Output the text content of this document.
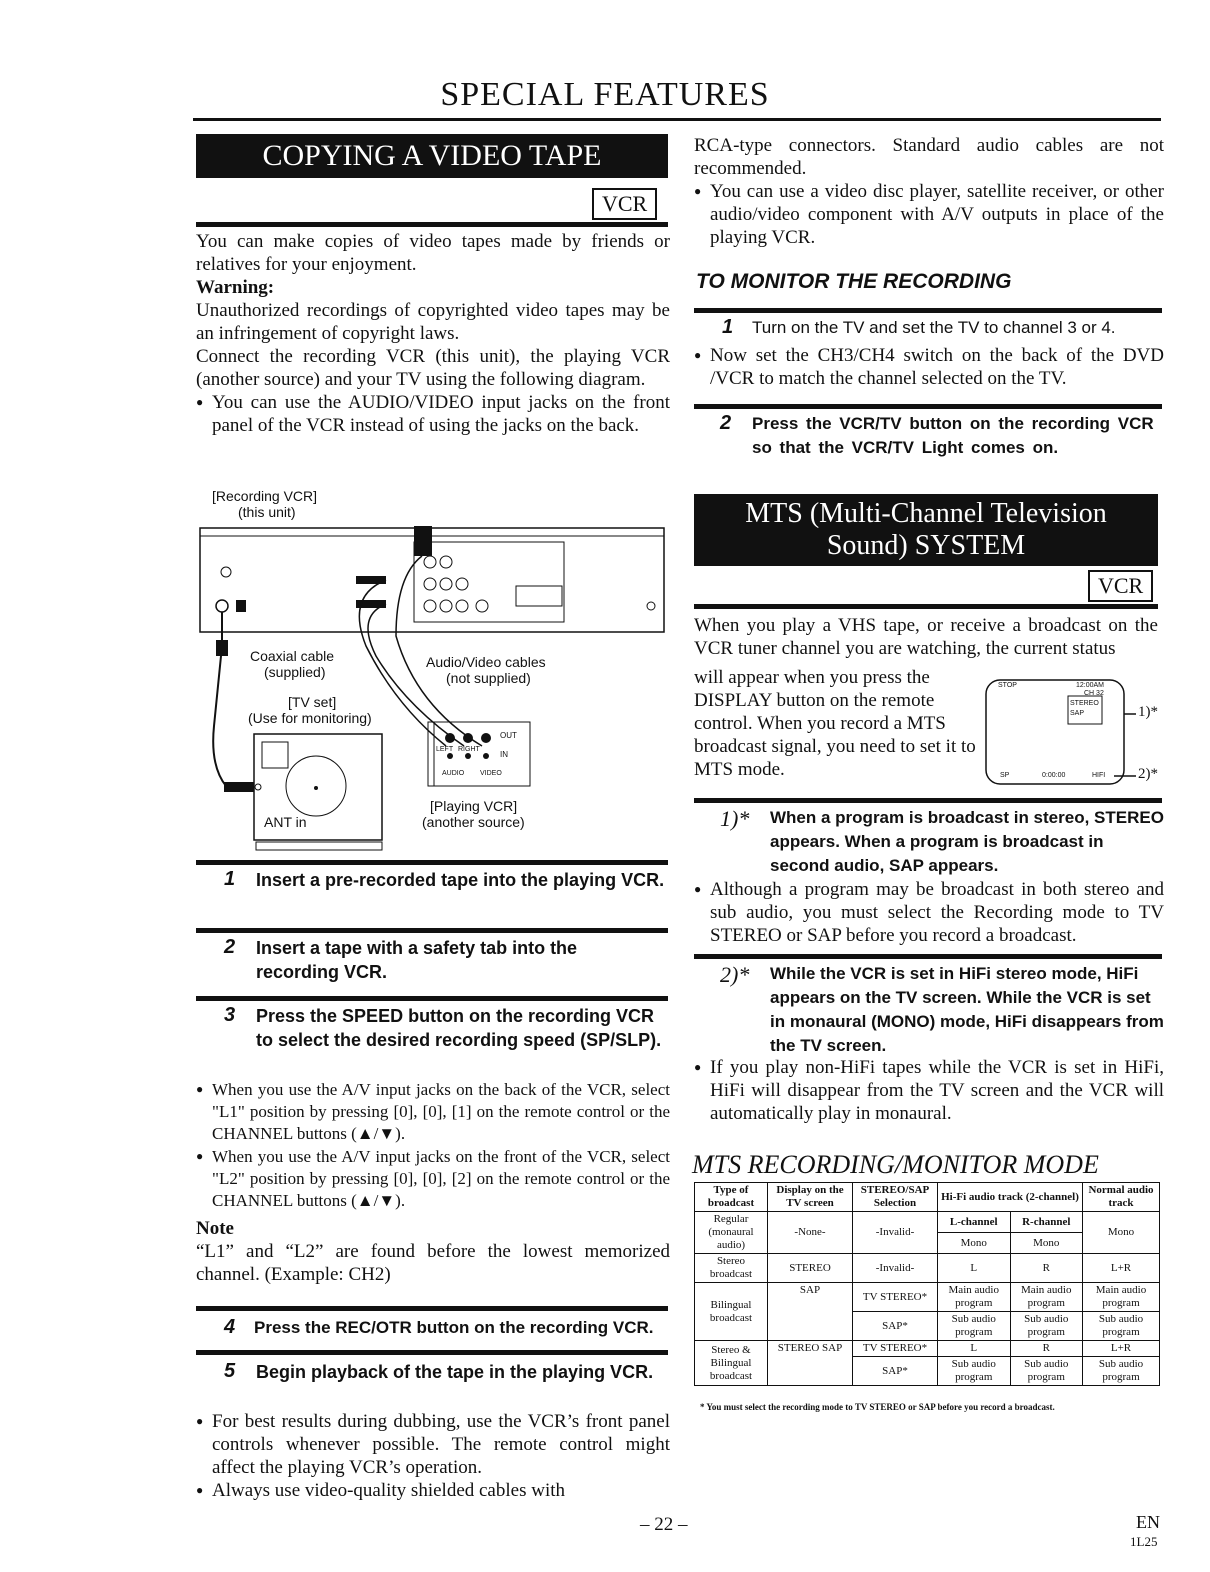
SPECIAL FEATURES
COPYING A VIDEO TAPE
VCR
You can make copies of video tapes made by friends or relatives for your enjoyment.
Warning:
Unauthorized recordings of copyrighted video tapes may be an infringement of copyright laws.
Connect the recording VCR (this unit), the playing VCR (another source) and your TV using the following diagram.
● You can use the AUDIO/VIDEO input jacks on the front panel of the VCR instead of using the jacks on the back.
[Recording VCR]
(this unit)
Coaxial cable
(supplied)
Audio/Video cables
(not supplied)
[TV set]
(Use for monitoring)
ANT in
[Playing VCR]
(another source)
OUT
IN
LEFT RIGHT
AUDIO VIDEO
1 Insert a pre-recorded tape into the playing VCR.
2 Insert a tape with a safety tab into the recording VCR.
3 Press the SPEED button on the recording VCR to select the desired recording speed (SP/SLP).
● When you use the A/V input jacks on the back of the VCR, select "L1" position by pressing [0], [0], [1] on the remote control or the CHANNEL buttons (▲/▼).
● When you use the A/V input jacks on the front of the VCR, select "L2" position by pressing [0], [0], [2] on the remote control or the CHANNEL buttons (▲/▼).
Note
“L1” and “L2” are found before the lowest memorized channel. (Example: CH2)
4 Press the REC/OTR button on the recording VCR.
5 Begin playback of the tape in the playing VCR.
● For best results during dubbing, use the VCR’s front panel controls whenever possible. The remote control might affect the playing VCR’s operation.
● Always use video-quality shielded cables with
RCA-type connectors. Standard audio cables are not recommended.
● You can use a video disc player, satellite receiver, or other audio/video component with A/V outputs in place of the playing VCR.
TO MONITOR THE RECORDING
1 Turn on the TV and set the TV to channel 3 or 4.
● Now set the CH3/CH4 switch on the back of the DVD /VCR to match the channel selected on the TV.
2 Press the VCR/TV button on the recording VCR so that the VCR/TV Light comes on.
MTS (Multi-Channel Television
Sound) SYSTEM
VCR
When you play a VHS tape, or receive a broadcast on the VCR tuner channel you are watching, the current status
will appear when you press the DISPLAY button on the remote control. When you record a MTS broadcast signal, you need to set it to MTS mode.
STOP	12:00AM
CH 32
STEREO
SAP
SP	0:00:00	HIFI
1)*
2)*
1)* When a program is broadcast in stereo, STEREO appears. When a program is broadcast in second audio, SAP appears.
● Although a program may be broadcast in both stereo and sub audio, you must select the Recording mode to TV STEREO or SAP before you record a broadcast.
2)* While the VCR is set in HiFi stereo mode, HiFi appears on the TV screen. While the VCR is set in monaural (MONO) mode, HiFi disappears from the TV screen.
● If you play non-HiFi tapes while the VCR is set in HiFi, HiFi will disappear from the TV screen and the VCR will automatically play in monaural.
MTS RECORDING/MONITOR MODE
Type of broadcast	Display on the TV screen	STEREO/SAP Selection	Hi-Fi audio track (2-channel)		Normal audio track
Regular (monaural audio)	-None-	-Invalid-	L-channel	R-channel	Mono
			Mono	Mono	
Stereo broadcast	STEREO	-Invalid-	L	R	L+R
Bilingual broadcast	SAP	TV STEREO*	Main audio program	Main audio program	Main audio program
		SAP*	Sub audio program	Sub audio program	Sub audio program
Stereo & Bilingual broadcast	STEREO SAP	TV STEREO*	L	R	L+R
		SAP*	Sub audio program	Sub audio program	Sub audio program
* You must select the recording mode to TV STEREO or SAP before you record a broadcast.
– 22 –	EN
1L25
